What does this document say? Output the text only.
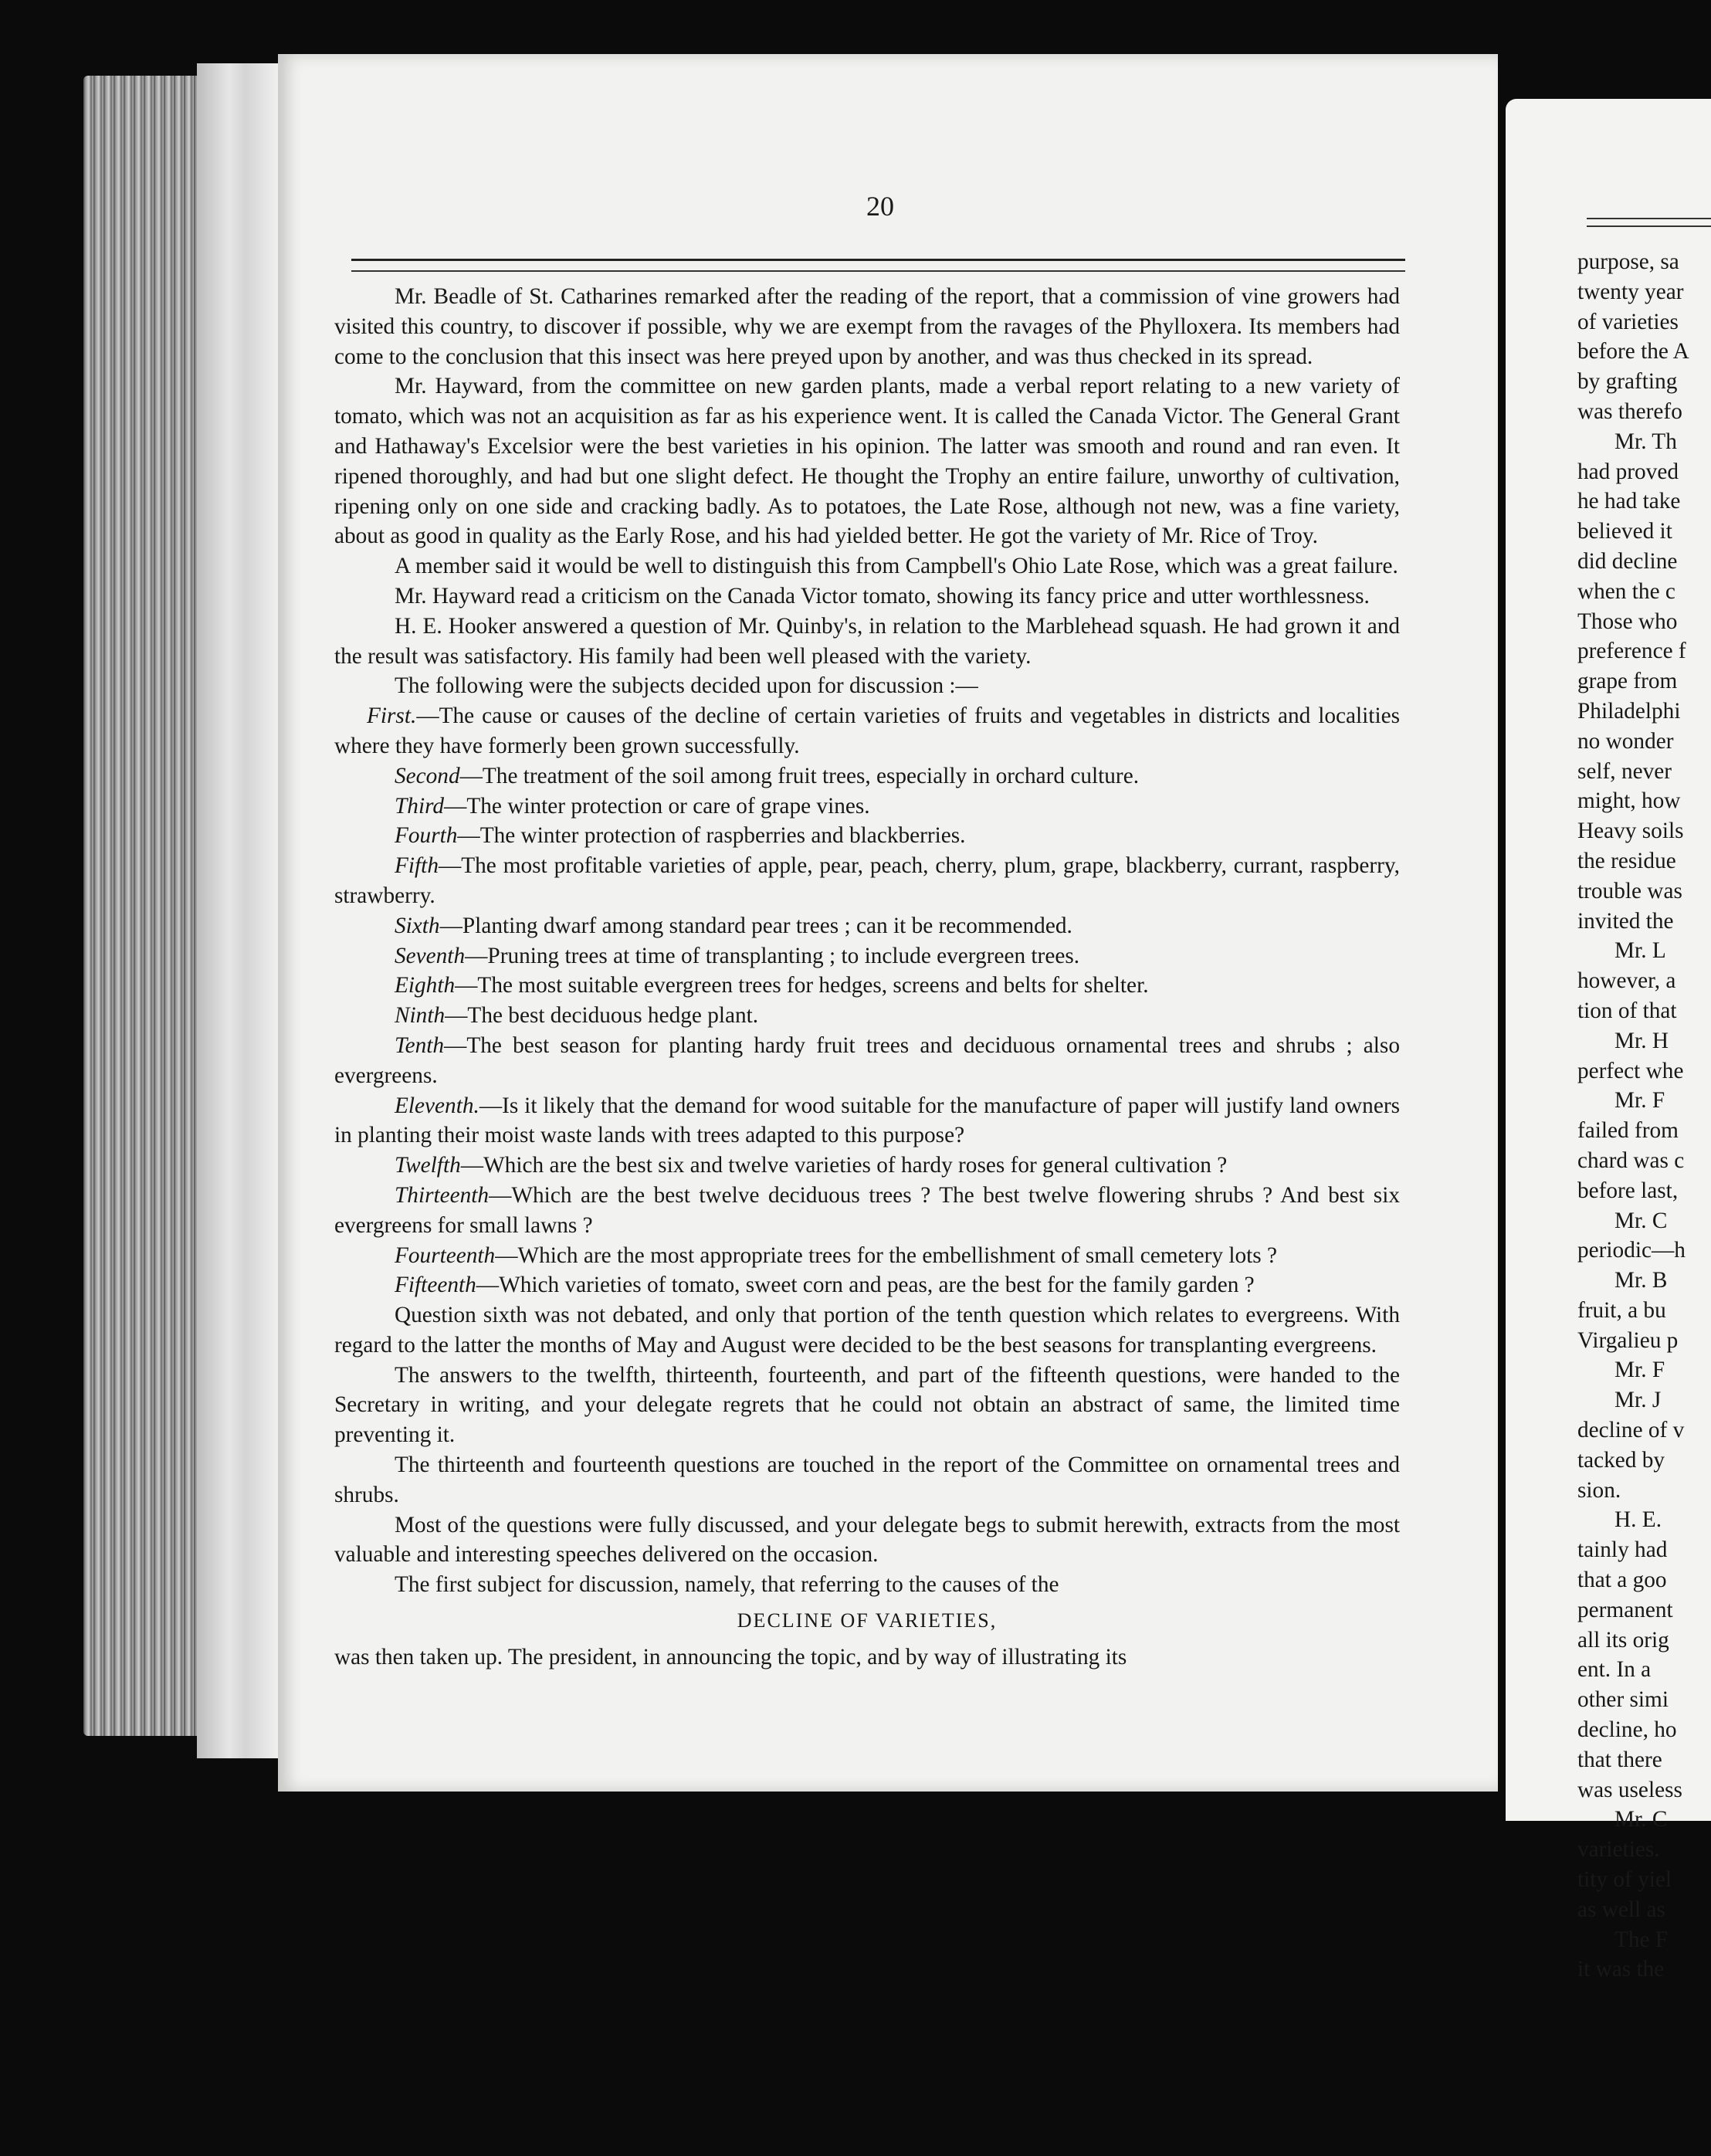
20

Mr. Beadle of St. Catharines remarked after the reading of the report, that a commission of vine growers had visited this country, to discover if possible, why we are exempt from the ravages of the Phylloxera. Its members had come to the conclusion that this insect was here preyed upon by another, and was thus checked in its spread.

Mr. Hayward, from the committee on new garden plants, made a verbal report relating to a new variety of tomato, which was not an acquisition as far as his experience went. It is called the Canada Victor. The General Grant and Hathaway's Excelsior were the best varieties in his opinion. The latter was smooth and round and ran even. It ripened thoroughly, and had but one slight defect. He thought the Trophy an entire failure, unworthy of cultivation, ripening only on one side and cracking badly. As to potatoes, the Late Rose, although not new, was a fine variety, about as good in quality as the Early Rose, and his had yielded better. He got the variety of Mr. Rice of Troy.

A member said it would be well to distinguish this from Campbell's Ohio Late Rose, which was a great failure.

Mr. Hayward read a criticism on the Canada Victor tomato, showing its fancy price and utter worthlessness.

H. E. Hooker answered a question of Mr. Quinby's, in relation to the Marblehead squash. He had grown it and the result was satisfactory. His family had been well pleased with the variety.

The following were the subjects decided upon for discussion :—

First.—The cause or causes of the decline of certain varieties of fruits and vegetables in districts and localities where they have formerly been grown successfully.

Second—The treatment of the soil among fruit trees, especially in orchard culture.

Third—The winter protection or care of grape vines.

Fourth—The winter protection of raspberries and blackberries.

Fifth—The most profitable varieties of apple, pear, peach, cherry, plum, grape, blackberry, currant, raspberry, strawberry.

Sixth—Planting dwarf among standard pear trees ; can it be recommended.

Seventh—Pruning trees at time of transplanting ; to include evergreen trees.

Eighth—The most suitable evergreen trees for hedges, screens and belts for shelter.

Ninth—The best deciduous hedge plant.

Tenth—The best season for planting hardy fruit trees and deciduous ornamental trees and shrubs ; also evergreens.

Eleventh.—Is it likely that the demand for wood suitable for the manufacture of paper will justify land owners in planting their moist waste lands with trees adapted to this purpose?

Twelfth—Which are the best six and twelve varieties of hardy roses for general cultivation ?

Thirteenth—Which are the best twelve deciduous trees ? The best twelve flowering shrubs ? And best six evergreens for small lawns ?

Fourteenth—Which are the most appropriate trees for the embellishment of small cemetery lots ?

Fifteenth—Which varieties of tomato, sweet corn and peas, are the best for the family garden ?

Question sixth was not debated, and only that portion of the tenth question which relates to evergreens. With regard to the latter the months of May and August were decided to be the best seasons for transplanting evergreens.

The answers to the twelfth, thirteenth, fourteenth, and part of the fifteenth questions, were handed to the Secretary in writing, and your delegate regrets that he could not obtain an abstract of same, the limited time preventing it.

The thirteenth and fourteenth questions are touched in the report of the Committee on ornamental trees and shrubs.

Most of the questions were fully discussed, and your delegate begs to submit herewith, extracts from the most valuable and interesting speeches delivered on the occasion.

The first subject for discussion, namely, that referring to the causes of the

DECLINE OF VARIETIES,

was then taken up. The president, in announcing the topic, and by way of illustrating its

purpose, sa
twenty year
of varieties
before the A
by grafting
was therefo
Mr. Th
had proved
he had take
believed it
did decline
when the c
Those who
preference f
grape from
Philadelphi
no wonder
self, never
might, how
Heavy soils
the residue
trouble was
invited the
Mr. L
however, a
tion of that
Mr. H
perfect whe
Mr. F
failed from
chard was c
before last,
Mr. C
periodic—h
Mr. B
fruit, a bu
Virgalieu p
Mr. F
Mr. J
decline of v
tacked by
sion.
H. E.
tainly had
that a goo
permanent
all its orig
ent. In a
other simi
decline, ho
that there
was useless
Mr. C
varieties.
tity of yiel
as well as
The F
it was the
